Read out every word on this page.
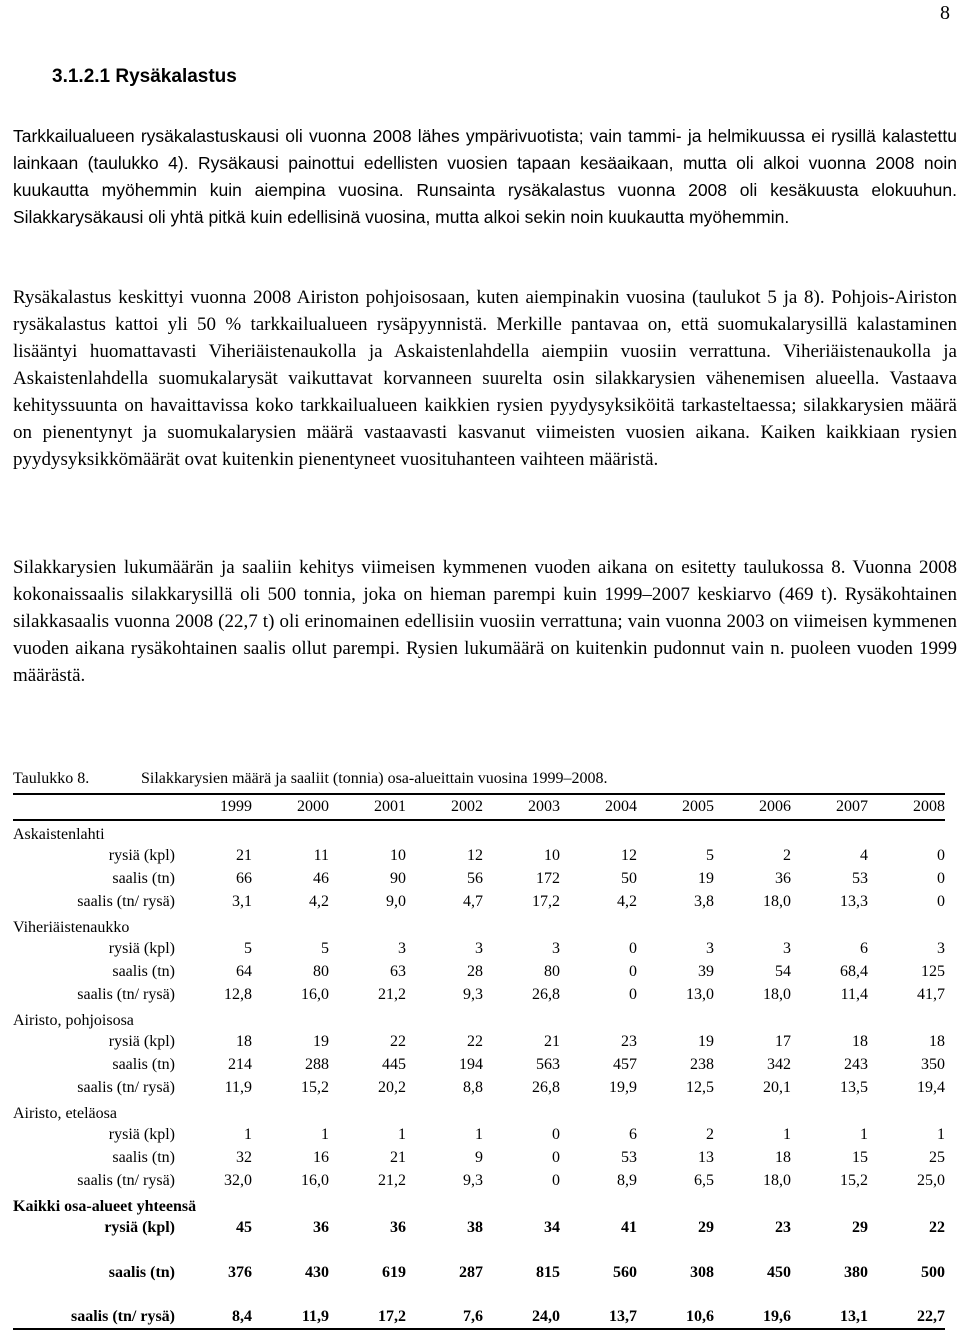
8
3.1.2.1 Rysäkalastus

Tarkkailualueen rysäkalastuskausi oli vuonna 2008 lähes ympärivuotista; vain tammi- ja helmikuussa ei rysillä kalastettu lainkaan (taulukko 4). Rysäkausi painottui edellisten vuosien tapaan kesäaikaan, mutta oli alkoi vuonna 2008 noin kuukautta myöhemmin kuin aiempina vuosina. Runsainta rysäkalastus vuonna 2008 oli kesäkuusta elokuuhun. Silakkarysäkausi oli yhtä pitkä kuin edellisinä vuosina, mutta alkoi sekin noin kuukautta myöhemmin.

Rysäkalastus keskittyi vuonna 2008 Airiston pohjoisosaan, kuten aiempinakin vuosina (taulukot 5 ja 8). Pohjois-Airiston rysäkalastus kattoi yli 50 % tarkkailualueen rysäpyynnistä. Merkille pantavaa on, että suomukalarysillä kalastaminen lisääntyi huomattavasti Viheriäistenaukolla ja Askaistenlahdella aiempiin vuosiin verrattuna. Viheriäistenaukolla ja Askaistenlahdella suomukalarysät vaikuttavat korvanneen suurelta osin silakkarysien vähenemisen alueella. Vastaava kehityssuunta on havaittavissa koko tarkkailualueen kaikkien rysien pyydysyksiköitä tarkasteltaessa; silakkarysien määrä on pienentynyt ja suomukalarysien määrä vastaavasti kasvanut viimeisten vuosien aikana. Kaiken kaikkiaan rysien pyydysyksikkömäärät ovat kuitenkin pienentyneet vuosituhanteen vaihteen määristä.

Silakkarysien lukumäärän ja saaliin kehitys viimeisen kymmenen vuoden aikana on esitetty taulukossa 8. Vuonna 2008 kokonaissaalis silakkarysillä oli 500 tonnia, joka on hieman parempi kuin 1999–2007 keskiarvo (469 t). Rysäkohtainen silakkasaalis vuonna 2008 (22,7 t) oli erinomainen edellisiin vuosiin verrattuna; vain vuonna 2003 on viimeisen kymmenen vuoden aikana rysäkohtainen saalis ollut parempi. Rysien lukumäärä on kuitenkin pudonnut vain n. puoleen vuoden 1999 määrästä.

Taulukko 8.	Silakkarysien määrä ja saaliit (tonnia) osa-alueittain vuosina 1999–2008.
	1999	2000	2001	2002	2003	2004	2005	2006	2007	2008
Askaistenlahti										
rysiä (kpl)	21	11	10	12	10	12	5	2	4	0
saalis (tn)	66	46	90	56	172	50	19	36	53	0
saalis (tn/ rysä)	3,1	4,2	9,0	4,7	17,2	4,2	3,8	18,0	13,3	0
Viheriäistenaukko										
rysiä (kpl)	5	5	3	3	3	0	3	3	6	3
saalis (tn)	64	80	63	28	80	0	39	54	68,4	125
saalis (tn/ rysä)	12,8	16,0	21,2	9,3	26,8	0	13,0	18,0	11,4	41,7
Airisto, pohjoisosa										
rysiä (kpl)	18	19	22	22	21	23	19	17	18	18
saalis (tn)	214	288	445	194	563	457	238	342	243	350
saalis (tn/ rysä)	11,9	15,2	20,2	8,8	26,8	19,9	12,5	20,1	13,5	19,4
Airisto, eteläosa										
rysiä (kpl)	1	1	1	1	0	6	2	1	1	1
saalis (tn)	32	16	21	9	0	53	13	18	15	25
saalis (tn/ rysä)	32,0	16,0	21,2	9,3	0	8,9	6,5	18,0	15,2	25,0
Kaikki osa-alueet yhteensä										
rysiä (kpl)	45	36	36	38	34	41	29	23	29	22
saalis (tn)	376	430	619	287	815	560	308	450	380	500
saalis (tn/ rysä)	8,4	11,9	17,2	7,6	24,0	13,7	10,6	19,6	13,1	22,7
